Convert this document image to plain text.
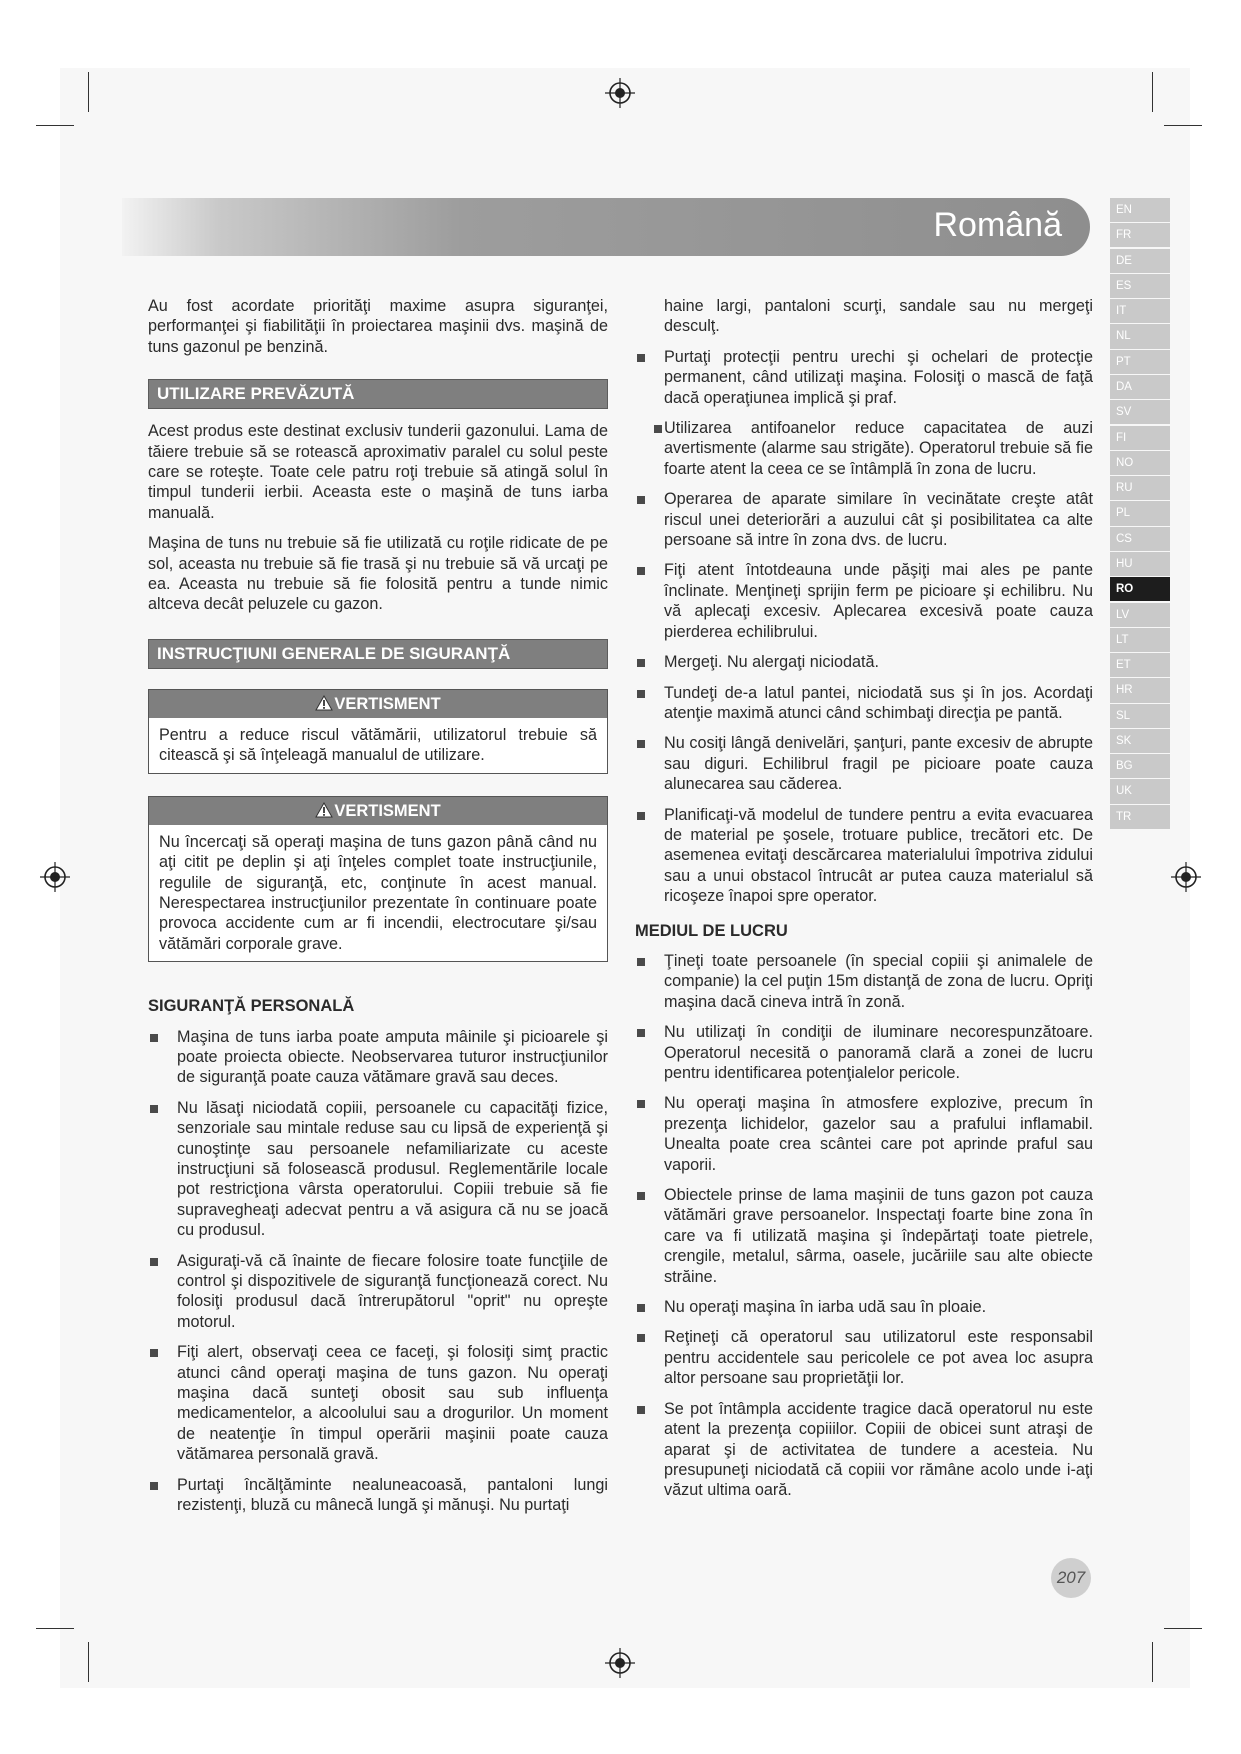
Română	EN
FR
DE
ES
IT
NL
PT
DA
SV
FI
NO
RU
PL
CS
HU
RO
LV
LT
ET
HR
SL
SK
BG
UK
TR

Au fost acordate priorităţi maxime asupra siguranţei, performanţei şi fiabilităţii în proiectarea maşinii dvs. maşină de tuns gazonul pe benzină.

UTILIZARE PREVĂZUTĂ

Acest produs este destinat exclusiv tunderii gazonului. Lama de tăiere trebuie să se rotească aproximativ paralel cu solul peste care se roteşte. Toate cele patru roţi trebuie să atingă solul în timpul tunderii ierbii. Aceasta este o maşină de tuns iarba manuală.

Maşina de tuns nu trebuie să fie utilizată cu roţile ridicate de pe sol, aceasta nu trebuie să fie trasă şi nu trebuie să vă urcaţi pe ea. Aceasta nu trebuie să fie folosită pentru a tunde nimic altceva decât peluzele cu gazon.

INSTRUCŢIUNI GENERALE DE SIGURANŢĂ
VERTISMENT
Pentru a reduce riscul vătămării, utilizatorul trebuie să citească şi să înţeleagă manualul de utilizare.
VERTISMENT
Nu încercaţi să operaţi maşina de tuns gazon până când nu aţi citit pe deplin şi aţi înţeles complet toate instrucţiunile, regulile de siguranţă, etc, conţinute în acest manual. Nerespectarea instrucţiunilor prezentate în continuare poate provoca accidente cum ar fi incendii, electrocutare şi/sau vătămări corporale grave.
SIGURANŢĂ PERSONALĂ
Maşina de tuns iarba poate amputa mâinile şi picioarele şi poate proiecta obiecte. Neobservarea tuturor instrucţiunilor de siguranţă poate cauza vătămare gravă sau deces.
Nu lăsaţi niciodată copiii, persoanele cu capacităţi fizice, senzoriale sau mintale reduse sau cu lipsă de experienţă şi cunoştinţe sau persoanele nefamiliarizate cu aceste instrucţiuni să folosească produsul. Reglementările locale pot restricţiona vârsta operatorului. Copiii trebuie să fie supravegheaţi adecvat pentru a vă asigura că nu se joacă cu produsul.
Asiguraţi-vă că înainte de fiecare folosire toate funcţiile de control şi dispozitivele de siguranţă funcţionează corect. Nu folosiţi produsul dacă întrerupătorul "oprit" nu opreşte motorul.
Fiţi alert, observaţi ceea ce faceţi, şi folosiţi simţ practic atunci când operaţi maşina de tuns gazon. Nu operaţi maşina dacă sunteţi obosit sau sub influenţa medicamentelor, a alcoolului sau a drogurilor. Un moment de neatenţie în timpul operării maşinii poate cauza vătămarea personală gravă.
Purtaţi încălţăminte nealuneacoasă, pantaloni lungi rezistenţi, bluză cu mânecă lungă şi mănuşi. Nu purtaţi

haine largi, pantaloni scurţi, sandale sau nu mergeţi desculţ.

Purtaţi protecţii pentru urechi şi ochelari de protecţie permanent, când utilizaţi maşina. Folosiţi o mască de faţă dacă operaţiunea implică şi praf.
Utilizarea antifoanelor reduce capacitatea de auzi avertismente (alarme sau strigăte). Operatorul trebuie să fie foarte atent la ceea ce se întâmplă în zona de lucru.
Operarea de aparate similare în vecinătate creşte atât riscul unei deteriorări a auzului cât şi posibilitatea ca alte persoane să intre în zona dvs. de lucru.
Fiţi atent întotdeauna unde păşiţi mai ales pe pante înclinate. Menţineţi sprijin ferm pe picioare şi echilibru. Nu vă aplecaţi excesiv. Aplecarea excesivă poate cauza pierderea echilibrului.
Mergeţi. Nu alergaţi niciodată.
Tundeţi de-a latul pantei, niciodată sus şi în jos. Acordaţi atenţie maximă atunci când schimbaţi direcţia pe pantă.
Nu cosiţi lângă denivelări, şanţuri, pante excesiv de abrupte sau diguri. Echilibrul fragil pe picioare poate cauza alunecarea sau căderea.
Planificaţi-vă modelul de tundere pentru a evita evacuarea de material pe şosele, trotuare publice, trecători etc. De asemenea evitaţi descărcarea materialului împotriva zidului sau a unui obstacol întrucât ar putea cauza materialul să ricoşeze înapoi spre operator.
MEDIUL DE LUCRU
Ţineţi toate persoanele (în special copiii şi animalele de companie) la cel puţin 15m distanţă de zona de lucru. Opriţi maşina dacă cineva intră în zonă.
Nu utilizaţi în condiţii de iluminare necorespunzătoare. Operatorul necesită o panoramă clară a zonei de lucru pentru identificarea potenţialelor pericole.
Nu operaţi maşina în atmosfere explozive, precum în prezenţa lichidelor, gazelor sau a prafului inflamabil. Unealta poate crea scântei care pot aprinde praful sau vaporii.
Obiectele prinse de lama maşinii de tuns gazon pot cauza vătămări grave persoanelor. Inspectaţi foarte bine zona în care va fi utilizată maşina şi îndepărtaţi toate pietrele, crengile, metalul, sârma, oasele, jucăriile sau alte obiecte străine.
Nu operaţi maşina în iarba udă sau în ploaie.
Reţineţi că operatorul sau utilizatorul este responsabil pentru accidentele sau pericolele ce pot avea loc asupra altor persoane sau proprietăţii lor.
Se pot întâmpla accidente tragice dacă operatorul nu este atent la prezenţa copiiilor. Copiii de obicei sunt atraşi de aparat şi de activitatea de tundere a acesteia. Nu presupuneţi niciodată că copiii vor rămâne acolo unde i-aţi văzut ultima oară.
207
